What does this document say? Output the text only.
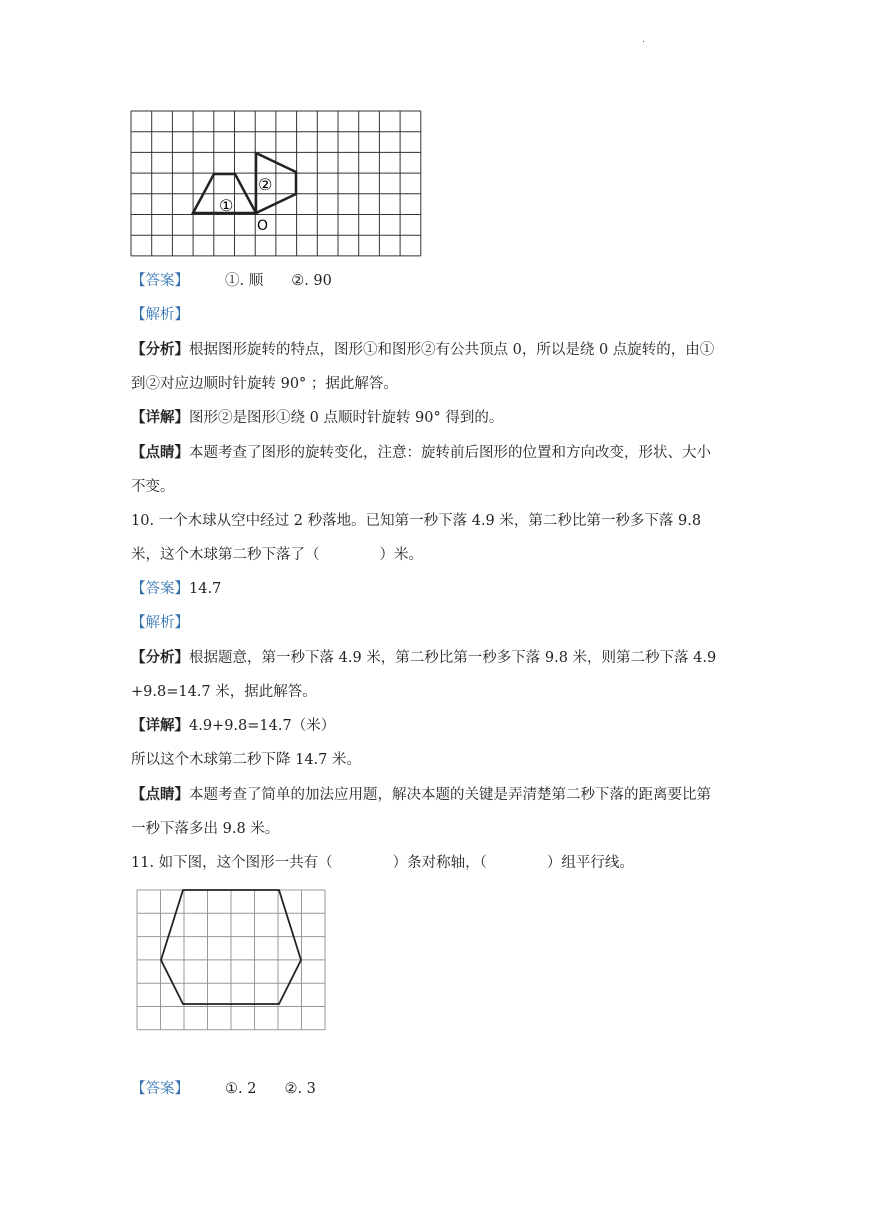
.
①
②
O
【答案】 ①. 顺 ②. 90
【解析】
【分析】根据图形旋转的特点，图形①和图形②有公共顶点 0，所以是绕 0 点旋转的，由①
到②对应边顺时针旋转 90° ；据此解答。
【详解】图形②是图形①绕 0 点顺时针旋转 90° 得到的。
【点睛】本题考查了图形的旋转变化，注意：旋转前后图形的位置和方向改变，形状、大小
不变。
10. 一个木球从空中经过 2 秒落地。已知第一秒下落 4.9 米，第二秒比第一秒多下落 9.8
米，这个木球第二秒下落了（	）米。
【答案】14.7
【解析】
【分析】根据题意，第一秒下落 4.9 米，第二秒比第一秒多下落 9.8 米，则第二秒下落 4.9
+9.8=14.7 米，据此解答。
【详解】4.9+9.8=14.7（米）
所以这个木球第二秒下降 14.7 米。
【点睛】本题考查了简单的加法应用题，解决本题的关键是弄清楚第二秒下落的距离要比第
一秒下落多出 9.8 米。
11. 如下图，这个图形一共有（	）条对称轴，（	）组平行线。
【答案】 ①. 2 ②. 3
